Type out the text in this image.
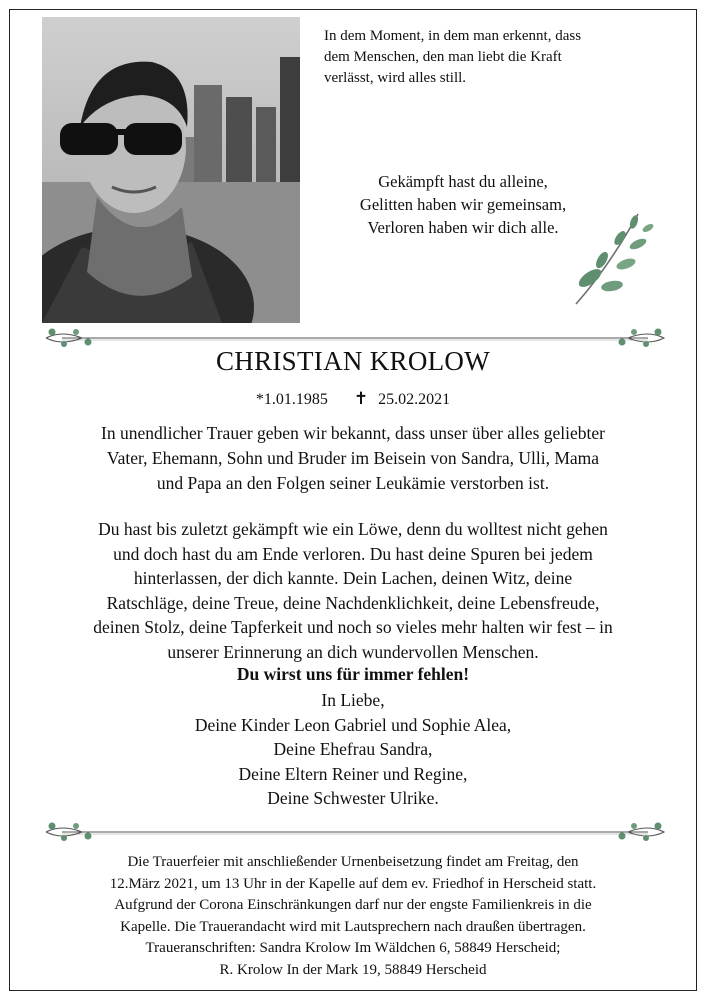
In dem Moment, in dem man erkennt, dass
dem Menschen, den man liebt die Kraft
verlässt, wird alles still.
Gekämpft hast du alleine,
Gelitten haben wir gemeinsam,
Verloren haben wir dich alle.
CHRISTIAN KROLOW
*1.01.1985 ✝ 25.02.2021
In unendlicher Trauer geben wir bekannt, dass unser über alles geliebter
Vater, Ehemann, Sohn und Bruder im Beisein von Sandra, Ulli, Mama
und Papa an den Folgen seiner Leukämie verstorben ist.
Du hast bis zuletzt gekämpft wie ein Löwe, denn du wolltest nicht gehen
und doch hast du am Ende verloren. Du hast deine Spuren bei jedem
hinterlassen, der dich kannte. Dein Lachen, deinen Witz, deine
Ratschläge, deine Treue, deine Nachdenklichkeit, deine Lebensfreude,
deinen Stolz, deine Tapferkeit und noch so vieles mehr halten wir fest – in
unserer Erinnerung an dich wundervollen Menschen.
Du wirst uns für immer fehlen!
In Liebe,
Deine Kinder Leon Gabriel und Sophie Alea,
Deine Ehefrau Sandra,
Deine Eltern Reiner und Regine,
Deine Schwester Ulrike.
Die Trauerfeier mit anschließender Urnenbeisetzung findet am Freitag, den
12.März 2021, um 13 Uhr in der Kapelle auf dem ev. Friedhof in Herscheid statt.
Aufgrund der Corona Einschränkungen darf nur der engste Familienkreis in die
Kapelle. Die Trauerandacht wird mit Lautsprechern nach draußen übertragen.
Traueranschriften: Sandra Krolow Im Wäldchen 6, 58849 Herscheid;
R. Krolow In der Mark 19, 58849 Herscheid
